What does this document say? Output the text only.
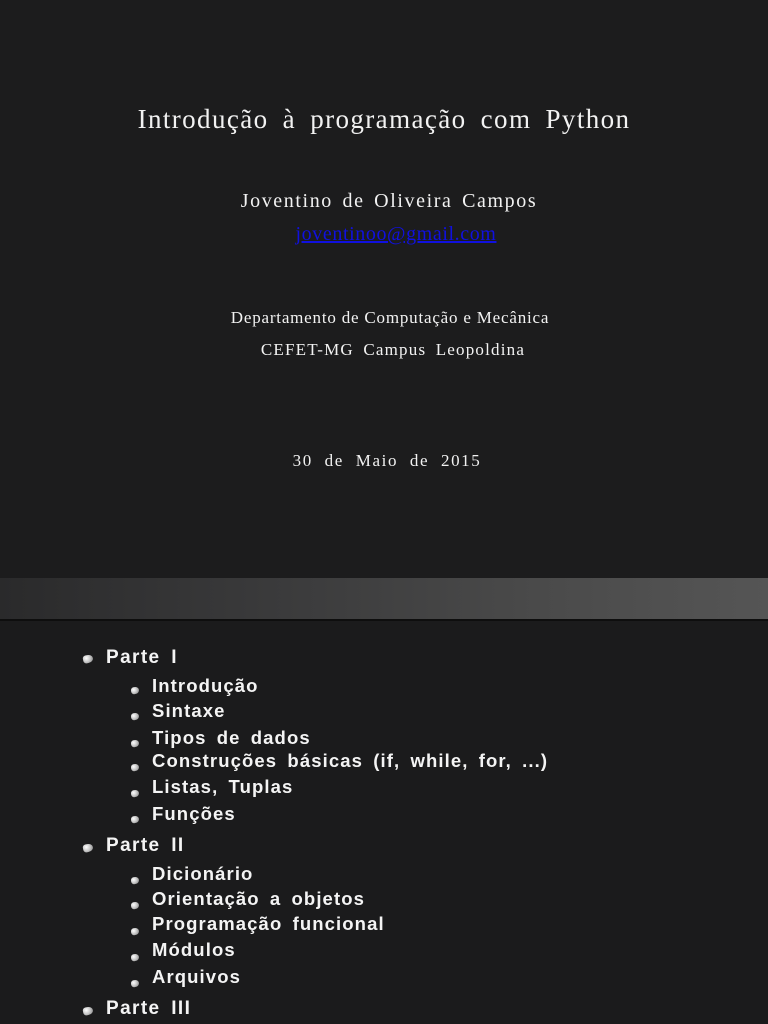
Introdução à programação com Python
Joventino de Oliveira Campos
joventinoo@gmail.com
Departamento de Computação e Mecânica
CEFET-MG Campus Leopoldina
30 de Maio de 2015
Parte I
Introdução
Sintaxe
Tipos de dados
Construções básicas (if, while, for, ...)
Listas, Tuplas
Funções
Parte II
Dicionário
Orientação a objetos
Programação funcional
Módulos
Arquivos
Parte III
